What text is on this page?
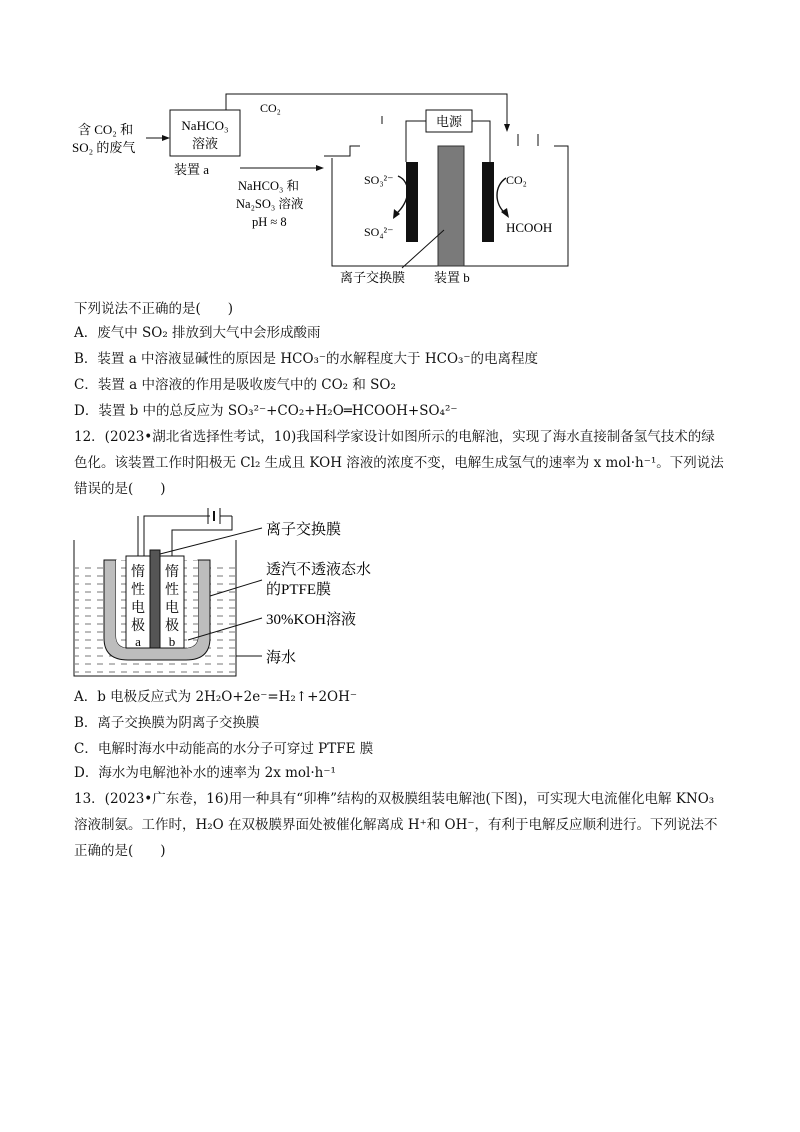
含 CO₂ 和
SO₂ 的废气
NaHCO₃
溶液
装置 a
CO₂
NaHCO₃ 和
Na₂SO₃ 溶液
pH ≈ 8
电源
SO₃²⁻
SO₄²⁻
CO₂
HCOOH
离子交换膜 装置 b
下列说法不正确的是(　　)
A．废气中 SO₂ 排放到大气中会形成酸雨
B．装置 a 中溶液显碱性的原因是 HCO₃⁻的水解程度大于 HCO₃⁻的电离程度
C．装置 a 中溶液的作用是吸收废气中的 CO₂ 和 SO₂
D．装置 b 中的总反应为 SO₃²⁻+CO₂+H₂O═HCOOH+SO₄²⁻
12．(2023•湖北省选择性考试，10)我国科学家设计如图所示的电解池，实现了海水直接制备氢气技术的绿
色化。该装置工作时阳极无 Cl₂ 生成且 KOH 溶液的浓度不变，电解生成氢气的速率为 x mol·h⁻¹。下列说法
错误的是(　　)
惰
性
电
极
a
惰
性
电
极
b
离子交换膜
透汽不透液态水
的PTFE膜
30%KOH溶液
海水
A．b 电极反应式为 2H₂O+2e⁻=H₂↑+2OH⁻
B．离子交换膜为阴离子交换膜
C．电解时海水中动能高的水分子可穿过 PTFE 膜
D．海水为电解池补水的速率为 2x mol·h⁻¹
13．(2023•广东卷，16)用一种具有“卯榫”结构的双极膜组装电解池(下图)，可实现大电流催化电解 KNO₃
溶液制氨。工作时，H₂O 在双极膜界面处被催化解离成 H⁺和 OH⁻，有利于电解反应顺利进行。下列说法不
正确的是(　　)
